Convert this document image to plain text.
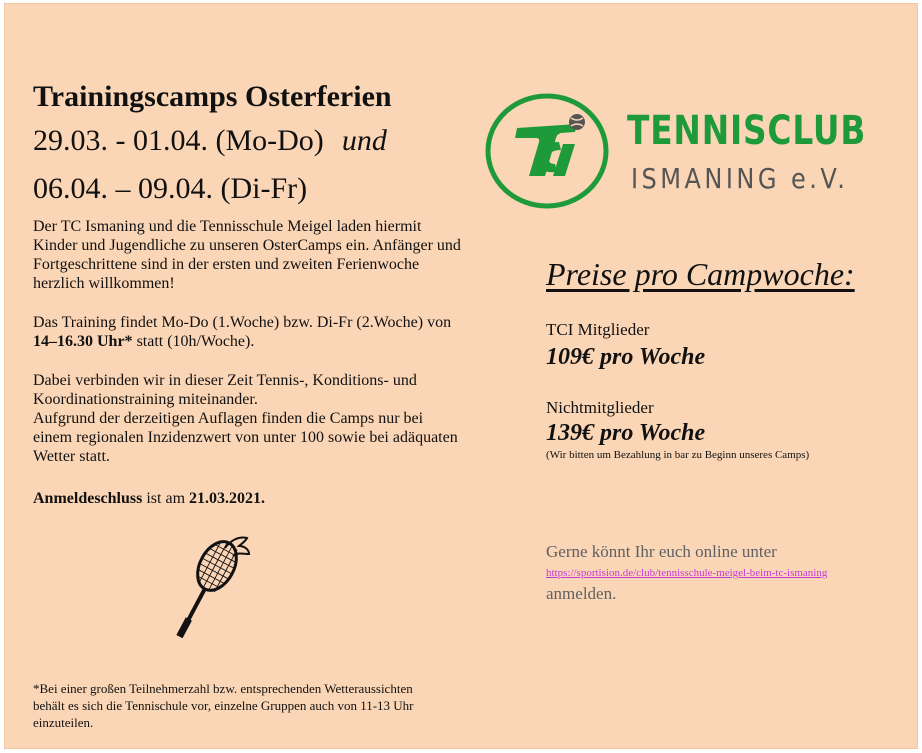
Trainingscamps Osterferien
29.03. - 01.04. (Mo-Do) und
06.04. – 09.04. (Di-Fr)
Der TC Ismaning und die Tennisschule Meigel laden hiermit Kinder und Jugendliche zu unseren OsterCamps ein. Anfänger und Fortgeschrittene sind in der ersten und zweiten Ferienwoche herzlich willkommen!
Das Training findet Mo-Do (1.Woche) bzw. Di-Fr (2.Woche) von 14–16.30 Uhr* statt (10h/Woche).
Dabei verbinden wir in dieser Zeit Tennis-, Konditions- und Koordinationstraining miteinander.
Aufgrund der derzeitigen Auflagen finden die Camps nur bei einem regionalen Inzidenzwert von unter 100 sowie bei adäquaten Wetter statt.
Anmeldeschluss ist am 21.03.2021.
*Bei einer großen Teilnehmerzahl bzw. entsprechenden Wetteraussichten behält es sich die Tennischule vor, einzelne Gruppen auch von 11-13 Uhr einzuteilen.
TENNISCLUB
ISMANING e.V.
Preise pro Campwoche:
TCI Mitglieder
109€ pro Woche
Nichtmitglieder
139€ pro Woche
(Wir bitten um Bezahlung in bar zu Beginn unseres Camps)
Gerne könnt Ihr euch online unter
https://sportision.de/club/tennisschule-meigel-beim-tc-ismaning
anmelden.
